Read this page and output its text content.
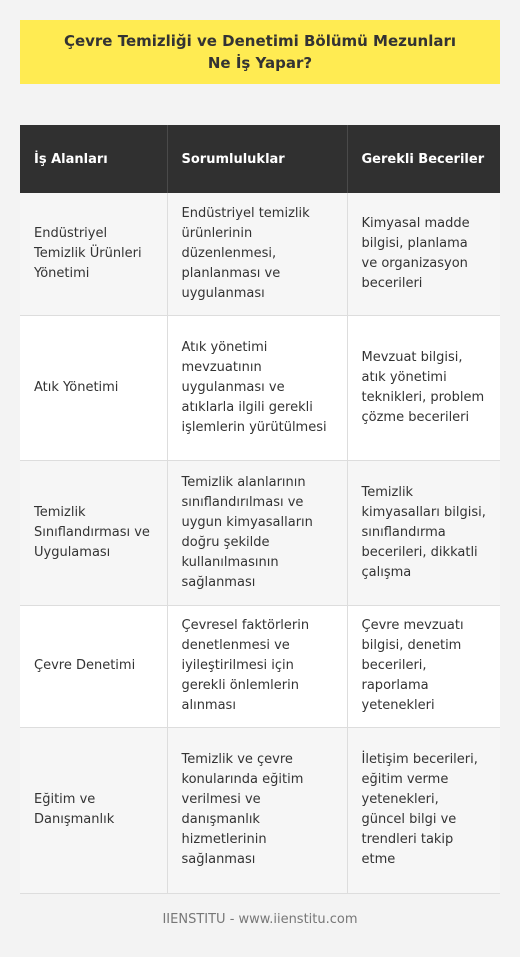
Çevre Temizliği ve Denetimi Bölümü Mezunları Ne İş Yapar?
İş Alanları	Sorumluluklar	Gerekli Beceriler
Endüstriyel Temizlik Ürünleri Yönetimi	Endüstriyel temizlik ürünlerinin düzenlenmesi, planlanması ve uygulanması	Kimyasal madde bilgisi, planlama ve organizasyon becerileri
Atık Yönetimi	Atık yönetimi mevzuatının uygulanması ve atıklarla ilgili gerekli işlemlerin yürütülmesi	Mevzuat bilgisi, atık yönetimi teknikleri, problem çözme becerileri
Temizlik Sınıflandırması ve Uygulaması	Temizlik alanlarının sınıflandırılması ve uygun kimyasalların doğru şekilde kullanılmasının sağlanması	Temizlik kimyasalları bilgisi, sınıflandırma becerileri, dikkatli çalışma
Çevre Denetimi	Çevresel faktörlerin denetlenmesi ve iyileştirilmesi için gerekli önlemlerin alınması	Çevre mevzuatı bilgisi, denetim becerileri, raporlama yetenekleri
Eğitim ve Danışmanlık	Temizlik ve çevre konularında eğitim verilmesi ve danışmanlık hizmetlerinin sağlanması	İletişim becerileri, eğitim verme yetenekleri, güncel bilgi ve trendleri takip etme
IIENSTITU - www.iienstitu.com
